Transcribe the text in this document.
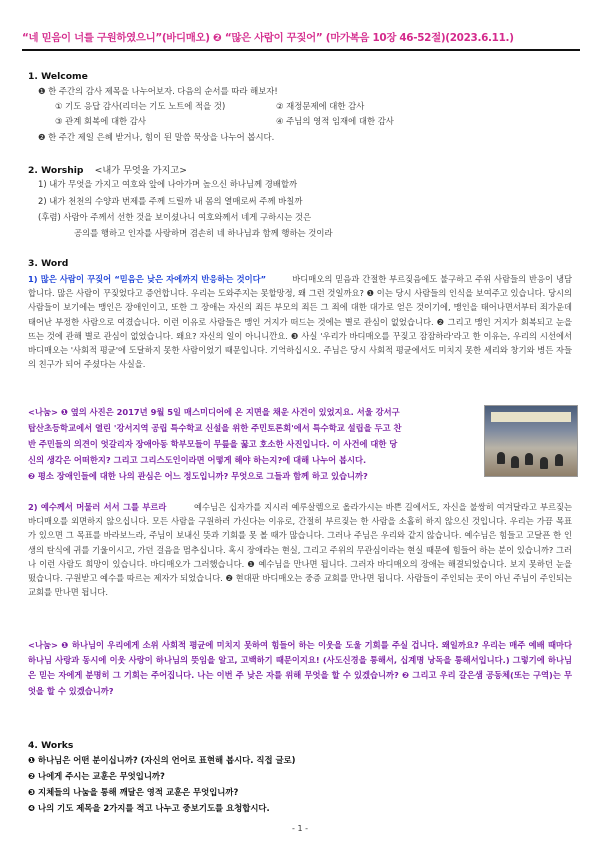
“네 믿음이 너를 구원하였으니”(바디매오) ❷ “많은 사람이 꾸짖어” (마가복음 10장 46-52절)(2023.6.11.)
1. Welcome
❶ 한 주간의 감사 제목을 나누어보자. 다음의 순서를 따라 해보자!
① 기도 응답 감사(리더는 기도 노트에 적을 것)	② 재정문제에 대한 감사
③ 관계 회복에 대한 감사	④ 주님의 영적 임재에 대한 감사
❷ 한 주간 제일 은혜 받거나, 힘이 된 말씀 묵상을 나누어 봅시다.
2. Worship <내가 무엇을 가지고>
1) 내가 무엇을 가지고 여호와 앞에 나아가며 높으신 하나님께 경배할까
2) 내가 천천의 수양과 번제를 주께 드릴까 내 몸의 열매로써 주께 바칠까
(후렴) 사람아 주께서 선한 것을 보이셨나니 여호와께서 네게 구하시는 것은
공의를 행하고 인자를 사랑하며 겸손히 네 하나님과 함께 행하는 것이라
3. Word

1) 많은 사람이 꾸짖어 “믿음은 낮은 자에까지 반응하는 것이다”	바디매오의 믿음과 간절한 부르짖음에도 불구하고 주위 사람들의 반응이 냉담합니다. 많은 사람이 꾸짖었다고 증언합니다. 우리는 도와주지는 못할망정, 왜 그런 것일까요? ❶ 이는 당시 사람들의 인식을 보여주고 있습니다. 당시의 사람들이 보기에는 맹인은 장애인이고, 또한 그 장애는 자신의 죄든 부모의 죄든 그 죄에 대한 대가로 얻은 것이기에, 맹인을 태어나면서부터 죄가운데 태어난 부정한 사람으로 여겼습니다. 이런 이유로 사람들은 맹인 거지가 떠드는 것에는 별로 관심이 없었습니다. ❷ 그리고 맹인 거지가 회복되고 눈을 뜨는 것에 관해 별로 관심이 없었습니다. 왜요? 자신의 일이 아니니깐요. ❸ 사실 '우리가 바디매오를 꾸짖고 잠잠하라'라고 한 이유는, 우리의 시선에서 바디매오는 '사회적 평균'에 도달하지 못한 사람이었기 때문입니다. 기억하십시오. 주님은 당시 사회적 평균에서도 미치지 못한 세리와 창기와 병든 자들의 친구가 되어 주셨다는 사실을.

<나눔> ❶ 옆의 사진은 2017년 9월 5일 매스미디어에 온 지면을 채운 사건이 있었지요. 서울 강서구
탑산초등학교에서 열린 '강서지역 공립 특수학교 신설을 위한 주민토론회'에서 특수학교 설립을 두고 찬
반 주민들의 의견이 엇갈리자 장애아동 학부모들이 무릎을 꿇고 호소한 사진입니다. 이 사건에 대한 당
신의 생각은 어떠한지? 그리고 그리스도인이라면 어떻게 해야 하는지?에 대해 나누어 봅시다.
❷ 평소 장애인들에 대한 나의 관심은 어느 정도입니까? 무엇으로 그들과 함께 하고 있습니까?

2) 예수께서 머물러 서서 그를 부르라	예수님은 십자가를 지시러 예루살렘으로 올라가시는 바쁜 길에서도, 자신을 불쌍히 여겨달라고 부르짖는 바디매오를 외면하지 않으십니다. 모든 사람을 구원하러 가신다는 이유로, 간절히 부르짖는 한 사람을 소홀히 하지 않으신 것입니다. 우리는 가끔 목표가 있으면 그 목표를 바라보느라, 주님이 보내신 뜻과 기회를 못 볼 때가 많습니다. 그러나 주님은 우리와 같지 않습니다. 예수님은 힘들고 고달픈 한 인생의 탄식에 귀를 기울이시고, 가던 걸음을 멈추십니다. 혹시 장애라는 현실, 그리고 주위의 무관심이라는 현실 때문에 힘들어 하는 분이 있습니까? 그러나 이런 사람도 희망이 있습니다. 바디매오가 그러했습니다. ❶ 예수님을 만나면 됩니다. 그러자 바디매오의 장애는 해결되었습니다. 보지 못하던 눈을 떴습니다. 구원받고 예수를 따르는 제자가 되었습니다. ❷ 현대판 바디매오는 중증 교회를 만나면 됩니다. 사람들이 주인되는 곳이 아닌 주님이 주인되는 교회를 만나면 됩니다.

<나눔> ❶ 하나님이 우리에게 소위 사회적 평균에 미치지 못하여 힘들어 하는 이웃을 도울 기회를 주실 겁니다. 왜일까요? 우리는 매주 예배 때마다 하나님 사랑과 동시에 이웃 사랑이 하나님의 뜻임을 알고, 고백하기 때문이지요! (사도신경을 통해서, 십계명 낭독을 통해서입니다.) 그렇기에 하나님은 믿는 자에게 분명히 그 기회는 주어집니다. 나는 이번 주 낮은 자를 위해 무엇을 할 수 있겠습니까? ❷ 그리고 우리 갈은샘 공동체(또는 구역)는 무엇을 할 수 있겠습니까?
4. Works
❶ 하나님은 어떤 분이십니까? (자신의 언어로 표현해 봅시다. 직접 글로)
❷ 나에게 주시는 교훈은 무엇입니까?
❸ 지체들의 나눔을 통해 깨달은 영적 교훈은 무엇입니까?
❹ 나의 기도 제목을 2가지를 적고 나누고 중보기도를 요청합시다.
- 1 -
